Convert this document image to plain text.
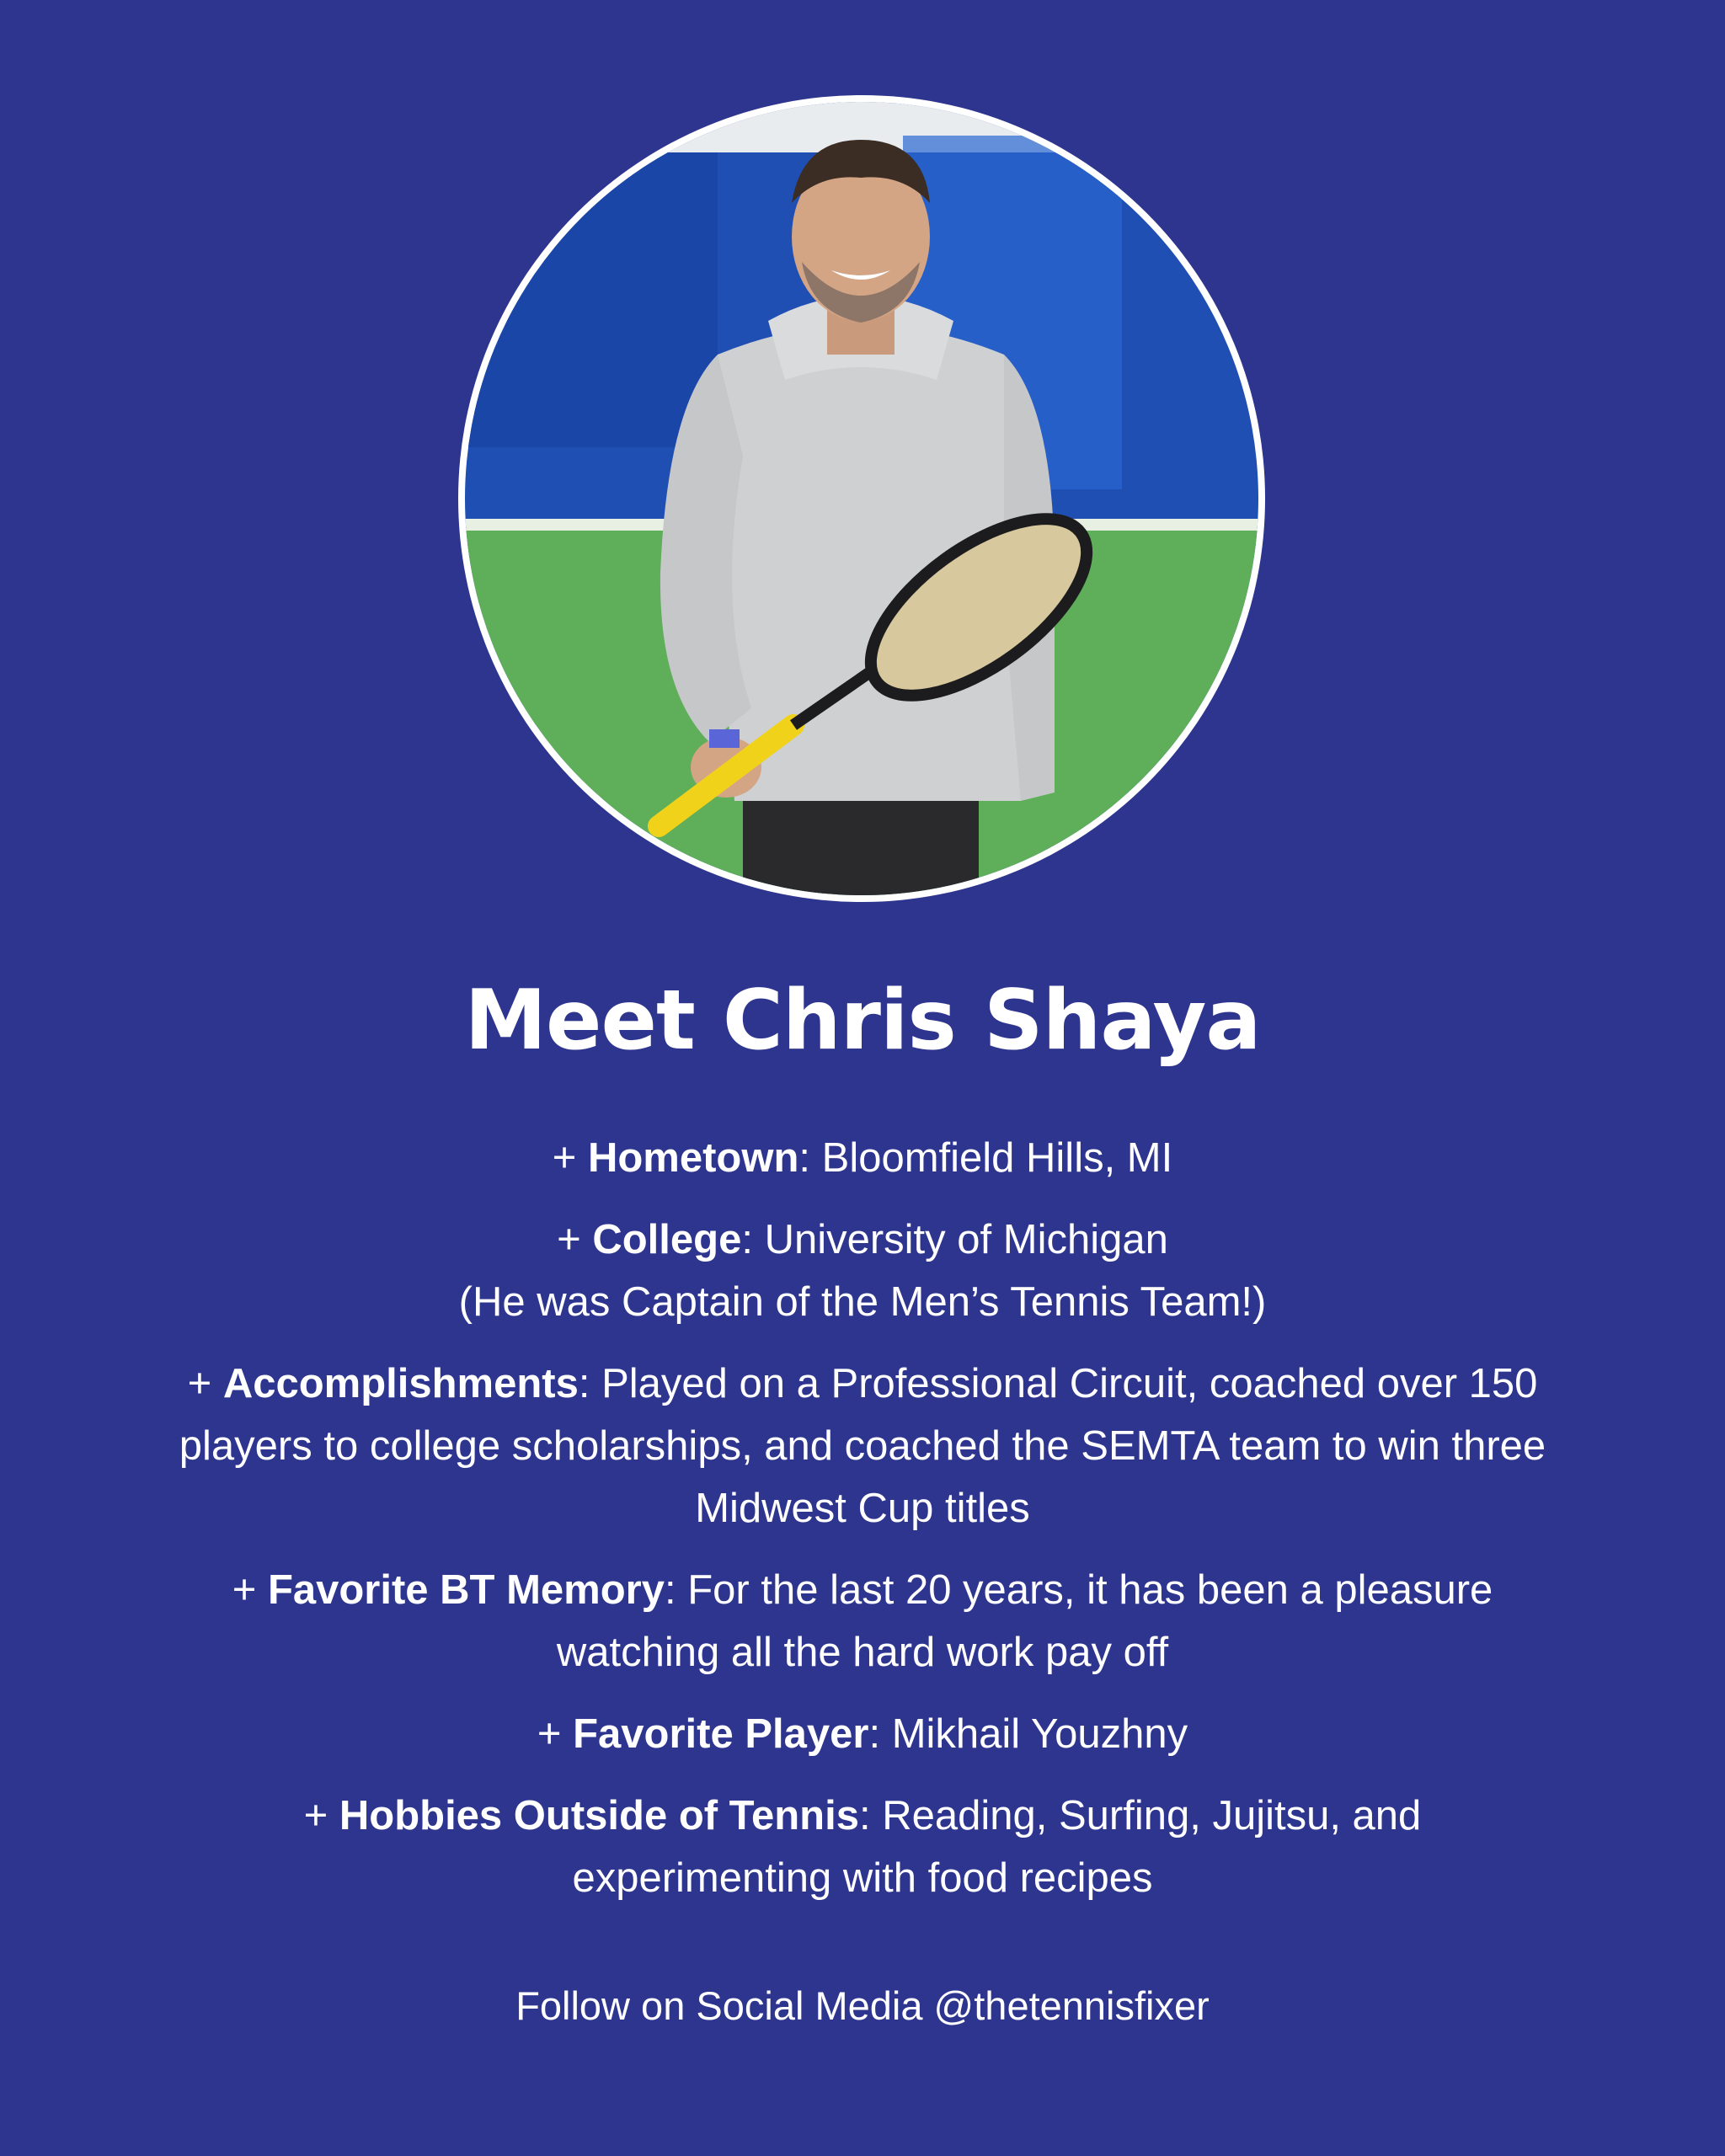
Meet Chris Shaya
+ Hometown: Bloomfield Hills, MI
+ College: University of Michigan
(He was Captain of the Men’s Tennis Team!)
+ Accomplishments: Played on a Professional Circuit, coached over 150 players to college scholarships, and coached the SEMTA team to win three Midwest Cup titles
+ Favorite BT Memory: For the last 20 years, it has been a pleasure watching all the hard work pay off
+ Favorite Player: Mikhail Youzhny
+ Hobbies Outside of Tennis: Reading, Surfing, Jujitsu, and experimenting with food recipes

Follow on Social Media @thetennisfixer
